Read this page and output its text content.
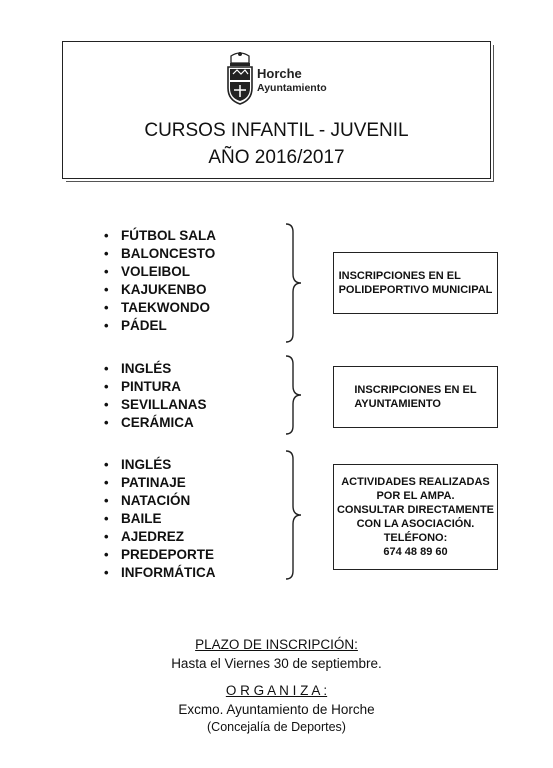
Horche
Ayuntamiento
CURSOS INFANTIL - JUVENIL
AÑO 2016/2017
• FÚTBOL SALA
• BALONCESTO
• VOLEIBOL
• KAJUKENBO
• TAEKWONDO
• PÁDEL
INSCRIPCIONES EN EL
POLIDEPORTIVO MUNICIPAL
• INGLÉS
• PINTURA
• SEVILLANAS
• CERÁMICA
INSCRIPCIONES EN EL
AYUNTAMIENTO
• INGLÉS
• PATINAJE
• NATACIÓN
• BAILE
• AJEDREZ
• PREDEPORTE
• INFORMÁTICA
ACTIVIDADES REALIZADAS
POR EL AMPA.
CONSULTAR DIRECTAMENTE
CON LA ASOCIACIÓN.
TELÉFONO:
674 48 89 60
PLAZO DE INSCRIPCIÓN:
Hasta el Viernes 30 de septiembre.
O R G A N I Z A :
Excmo. Ayuntamiento de Horche
(Concejalía de Deportes)
